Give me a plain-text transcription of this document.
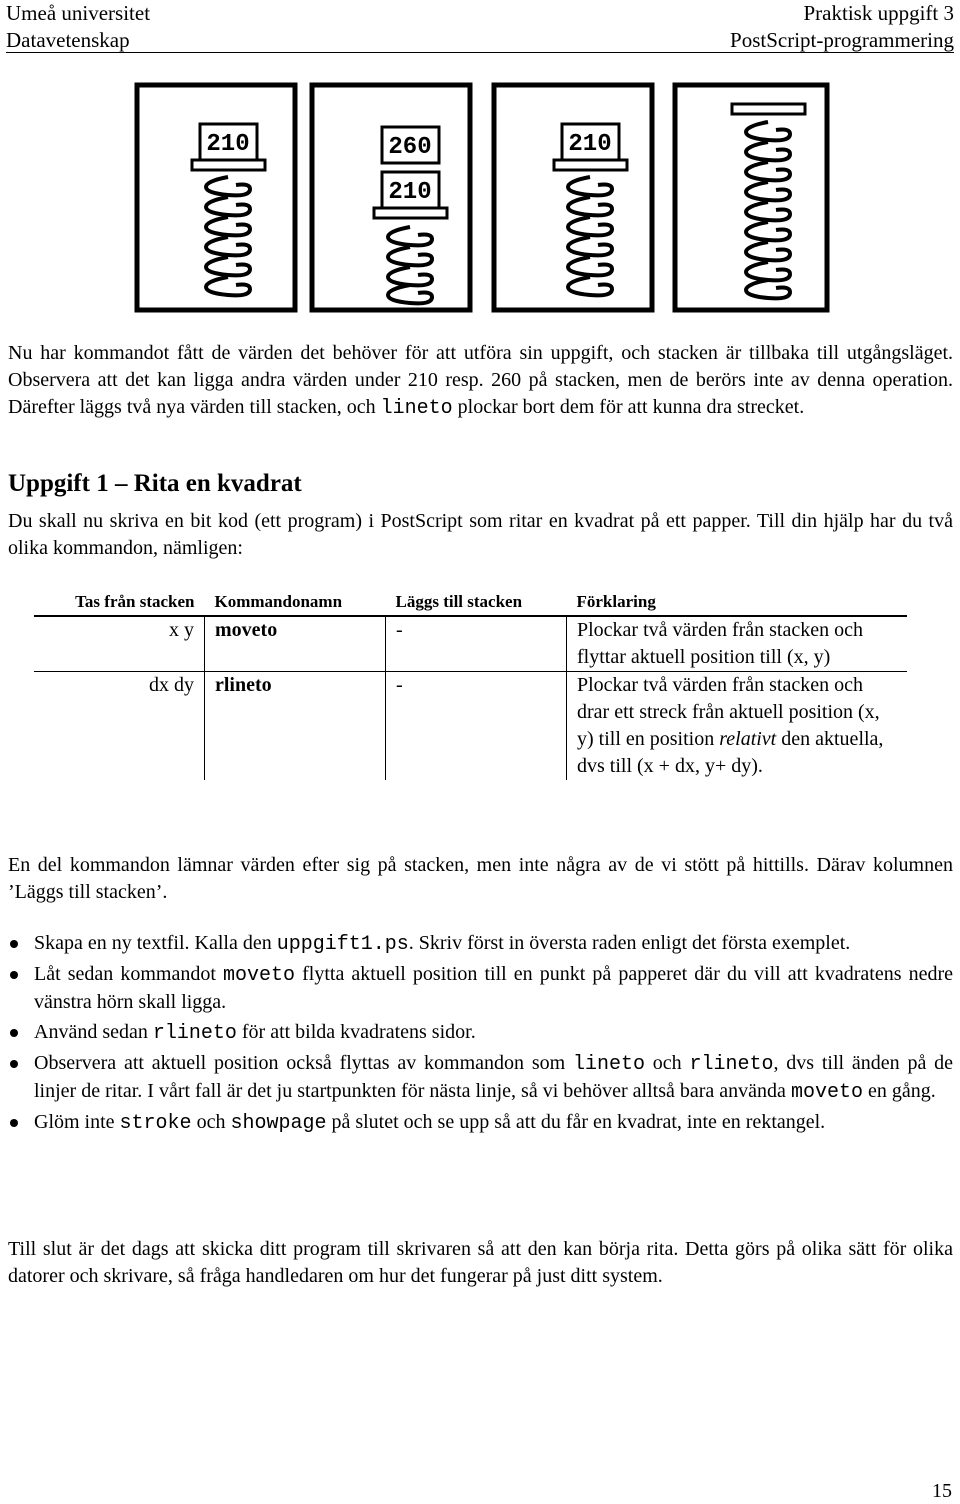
Umeå universitet
Datavetenskap
Praktisk uppgift 3
PostScript-programmering
210	260
210
210
Nu har kommandot fått de värden det behöver för att utföra sin uppgift, och stacken är tillbaka till utgångsläget. Observera att det kan ligga andra värden under 210 resp. 260 på stacken, men de berörs inte av denna operation. Därefter läggs två nya värden till stacken, och lineto plockar bort dem för att kunna dra strecket.
Uppgift 1 – Rita en kvadrat
Du skall nu skriva en bit kod (ett program) i PostScript som ritar en kvadrat på ett papper. Till din hjälp har du två olika kommandon, nämligen:
Tas från stacken	Kommandonamn	Läggs till stacken	Förklaring
x y	moveto	-	Plockar två värden från stacken och flyttar aktuell position till (x, y)
dx dy	rlineto	-	Plockar två värden från stacken och drar ett streck från aktuell position (x, y) till en position relativt den aktuella, dvs till (x + dx, y+ dy).
En del kommandon lämnar värden efter sig på stacken, men inte några av de vi stött på hittills. Därav kolumnen ’Läggs till stacken’.
Skapa en ny textfil. Kalla den uppgift1.ps. Skriv först in översta raden enligt det första exemplet.
Låt sedan kommandot moveto flytta aktuell position till en punkt på papperet där du vill att kvadratens nedre vänstra hörn skall ligga.
Använd sedan rlineto för att bilda kvadratens sidor.
Observera att aktuell position också flyttas av kommandon som lineto och rlineto, dvs till änden på de linjer de ritar. I vårt fall är det ju startpunkten för nästa linje, så vi behöver alltså bara använda moveto en gång.
Glöm inte stroke och showpage på slutet och se upp så att du får en kvadrat, inte en rektangel.
Till slut är det dags att skicka ditt program till skrivaren så att den kan börja rita. Detta görs på olika sätt för olika datorer och skrivare, så fråga handledaren om hur det fungerar på just ditt system.
15
